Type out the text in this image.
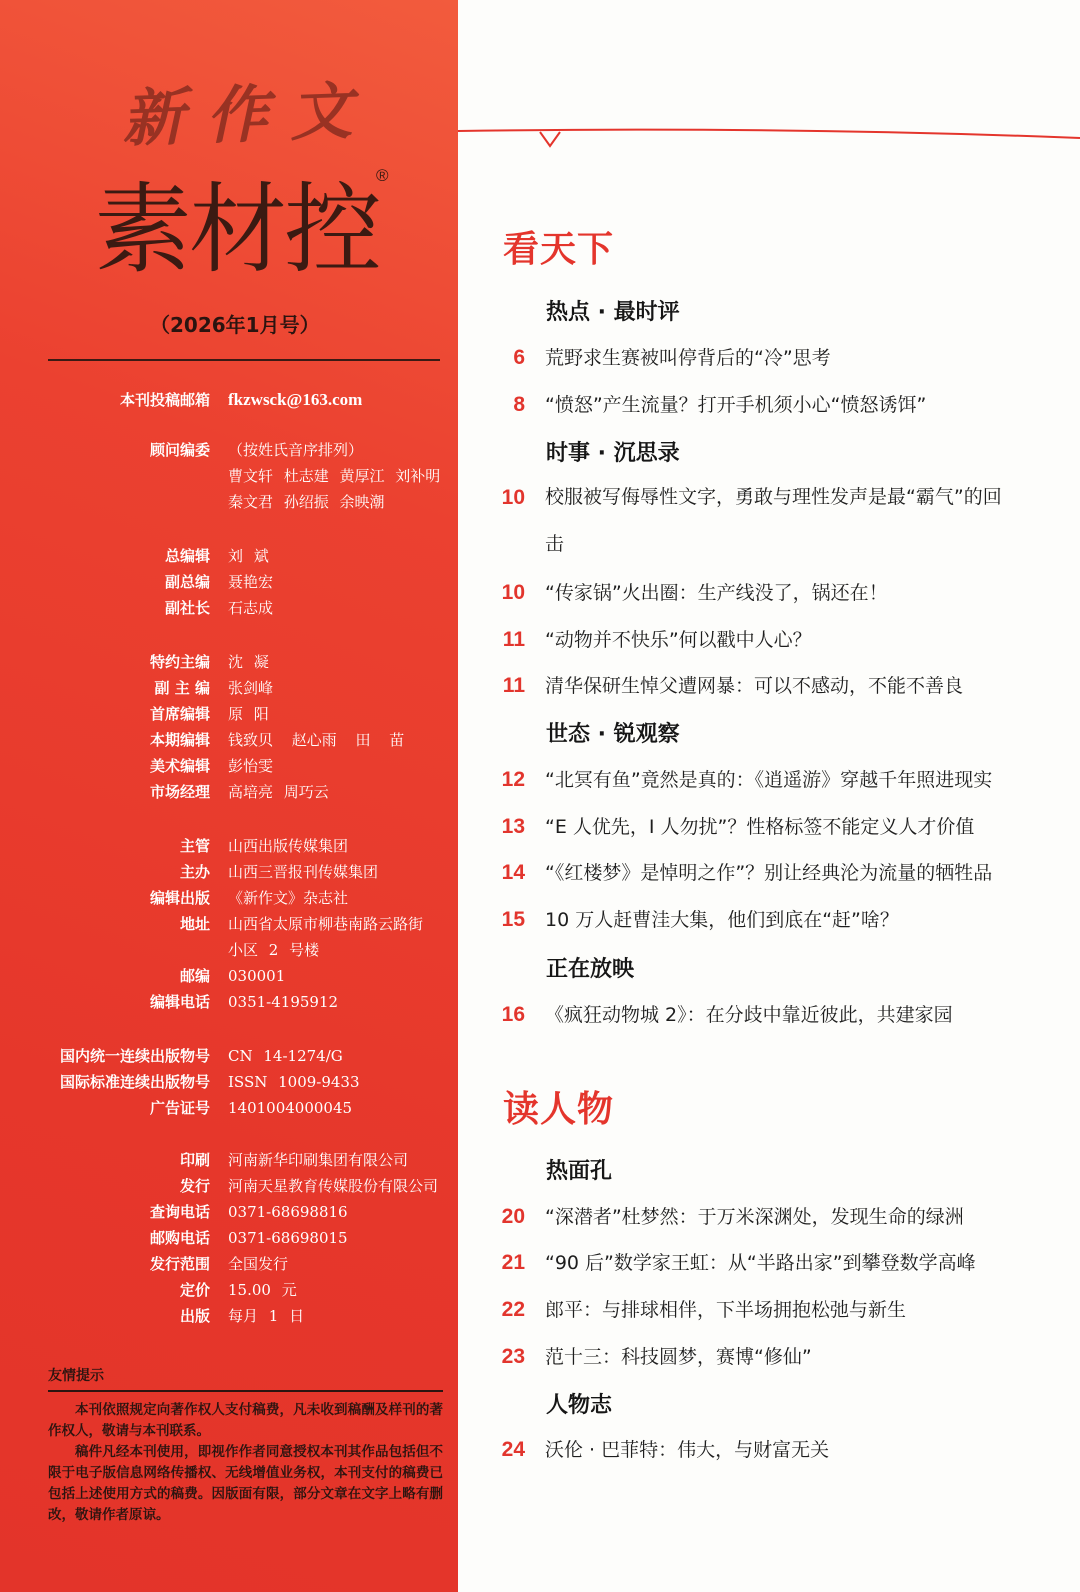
新作文
素材控
®
（2026年1月号）
本刊投稿邮箱 fkzwsck@163.com
顾问编委 （按姓氏音序排列）
曹文轩 杜志建 黄厚江 刘补明
秦文君 孙绍振 余映潮
总编辑 刘 斌
副总编 聂艳宏
副社长 石志成
特约主编 沈 凝
副 主 编 张剑峰
首席编辑 原 阳
本期编辑 钱致贝 赵心雨 田 苗
美术编辑 彭怡雯
市场经理 高培亮 周巧云
主管 山西出版传媒集团
主办 山西三晋报刊传媒集团
编辑出版 《新作文》杂志社
地址 山西省太原市柳巷南路云路街
小区 2 号楼
邮编 030001
编辑电话 0351-4195912
国内统一连续出版物号 CN 14-1274/G
国际标准连续出版物号 ISSN 1009-9433
广告证号 1401004000045
印刷 河南新华印刷集团有限公司
发行 河南天星教育传媒股份有限公司
查询电话 0371-68698816
邮购电话 0371-68698015
发行范围 全国发行
定价 15.00 元
出版 每月 1 日
友情提示

本刊依照规定向著作权人支付稿费，凡未收到稿酬及样刊的著作权人，敬请与本刊联系。

稿件凡经本刊使用，即视作作者同意授权本刊其作品包括但不限于电子版信息网络传播权、无线增值业务权，本刊支付的稿费已包括上述使用方式的稿费。因版面有限，部分文章在文字上略有删改，敬请作者原谅。

看天下
热点 · 最时评
6 荒野求生赛被叫停背后的“冷”思考
8 “愤怒”产生流量？打开手机须小心“愤怒诱饵”
时事 · 沉思录
10 校服被写侮辱性文字，勇敢与理性发声是最“霸气”的回击
10 “传家锅”火出圈：生产线没了，锅还在！
11 “动物并不快乐”何以戳中人心？
11 清华保研生悼父遭网暴：可以不感动，不能不善良
世态 · 锐观察
12 “北冥有鱼”竟然是真的：《逍遥游》穿越千年照进现实
13 “E 人优先，I 人勿扰”？性格标签不能定义人才价值
14 “《红楼梦》是悼明之作”？别让经典沦为流量的牺牲品
15 10 万人赶曹洼大集，他们到底在“赶”啥？
正在放映
16 《疯狂动物城 2》：在分歧中靠近彼此，共建家园
读人物
热面孔
20 “深潜者”杜梦然：于万米深渊处，发现生命的绿洲
21 “90 后”数学家王虹：从“半路出家”到攀登数学高峰
22 郎平：与排球相伴，下半场拥抱松弛与新生
23 范十三：科技圆梦，赛博“修仙”
人物志
24 沃伦 · 巴菲特：伟大，与财富无关
